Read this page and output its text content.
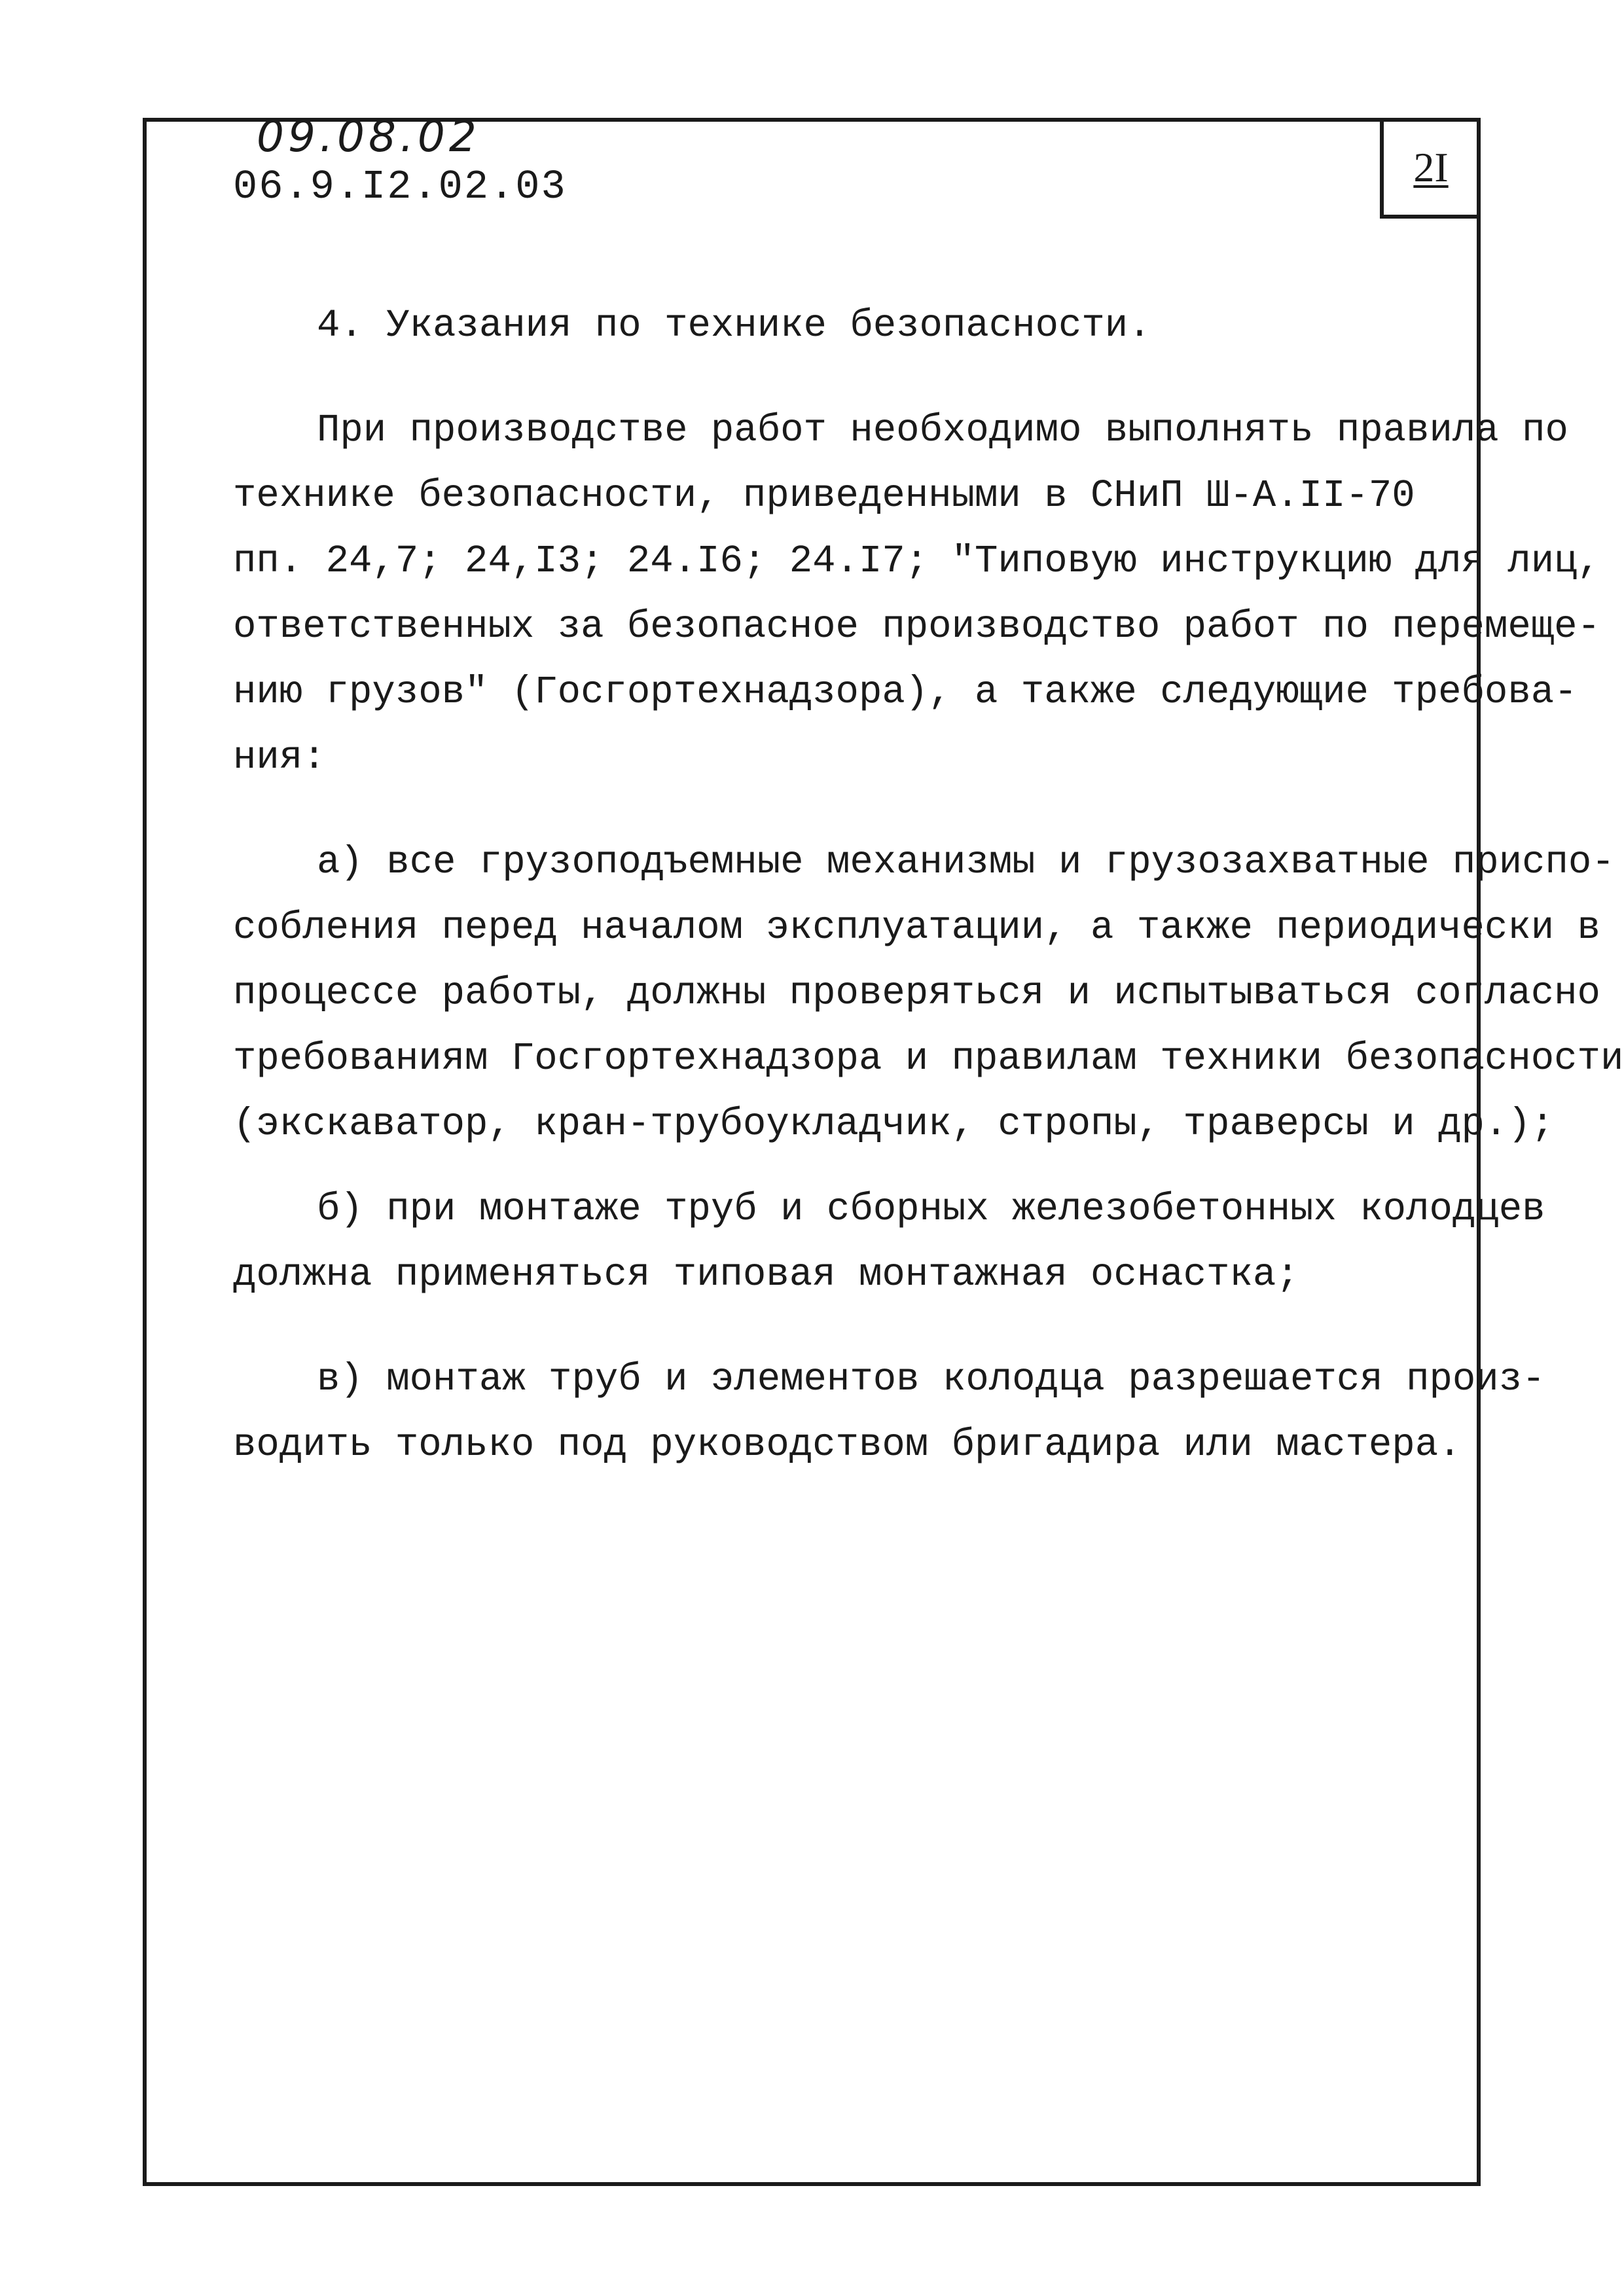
2I
09.08.02
06.9.I2.02.03
4. Указания по технике безопасности.
При производстве работ необходимо выполнять правила по
технике безопасности, приведенными в СНиП Ш-А.II-70
пп. 24,7; 24,I3; 24.I6; 24.I7; "Типовую инструкцию для лиц,
ответственных за безопасное производство работ по перемеще-
нию грузов" (Госгортехнадзора), а также следующие требова-
ния:
а) все грузоподъемные механизмы и грузозахватные приспо-
собления перед началом эксплуатации, а также периодически в
процессе работы, должны проверяться и испытываться согласно
требованиям Госгортехнадзора и правилам техники безопасности
(экскаватор, кран-трубоукладчик, стропы, траверсы и др.);
б) при монтаже труб и сборных железобетонных колодцев
должна применяться типовая монтажная оснастка;
в) монтаж труб и элементов колодца разрешается произ-
водить только под руководством бригадира или мастера.
